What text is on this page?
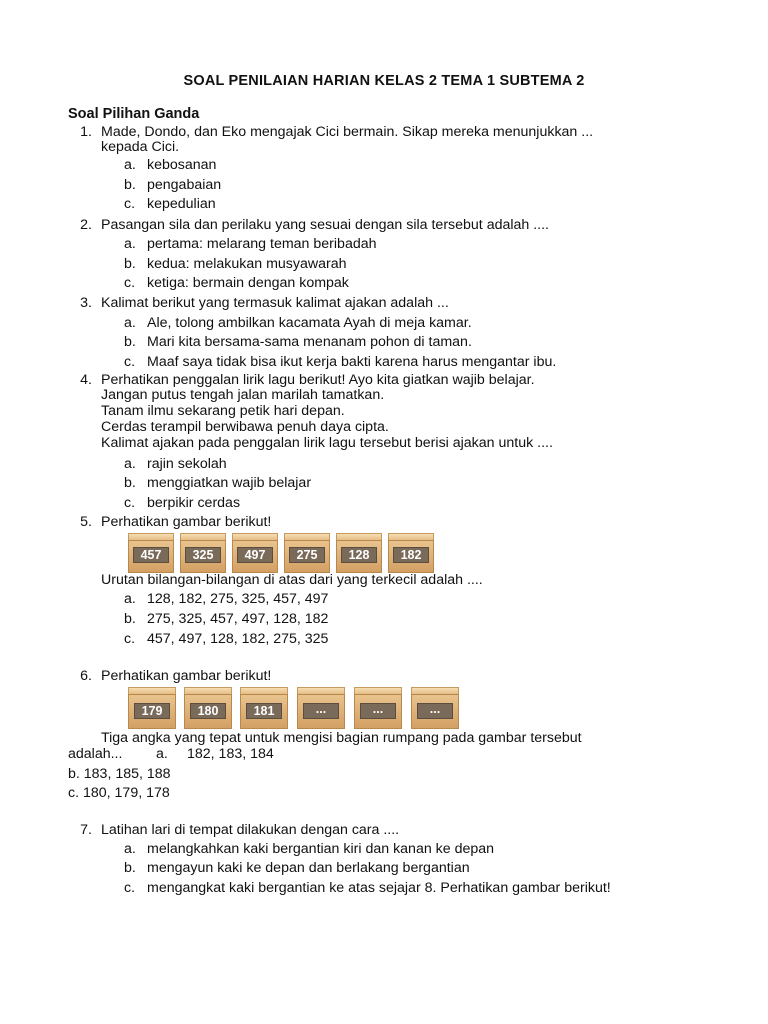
SOAL PENILAIAN HARIAN KELAS 2 TEMA 1 SUBTEMA 2
Soal Pilihan Ganda
1. Made, Dondo, dan Eko mengajak Cici bermain. Sikap mereka menunjukkan ...
kepada Cici.
a. kebosanan
b. pengabaian
c. kepedulian
2. Pasangan sila dan perilaku yang sesuai dengan sila tersebut adalah ....
a. pertama: melarang teman beribadah
b. kedua: melakukan musyawarah
c. ketiga: bermain dengan kompak
3. Kalimat berikut yang termasuk kalimat ajakan adalah ...
a. Ale, tolong ambilkan kacamata Ayah di meja kamar.
b. Mari kita bersama-sama menanam pohon di taman.
c. Maaf saya tidak bisa ikut kerja bakti karena harus mengantar ibu.
4. Perhatikan penggalan lirik lagu berikut! Ayo kita giatkan wajib belajar.
Jangan putus tengah jalan marilah tamatkan.
Tanam ilmu sekarang petik hari depan.
Cerdas terampil berwibawa penuh daya cipta.
Kalimat ajakan pada penggalan lirik lagu tersebut berisi ajakan untuk ....
a. rajin sekolah
b. menggiatkan wajib belajar
c. berpikir cerdas
5. Perhatikan gambar berikut!
457	325	497	275	128	182
Urutan bilangan-bilangan di atas dari yang terkecil adalah ....
a. 128, 182, 275, 325, 457, 497
b. 275, 325, 457, 497, 128, 182
c. 457, 497, 128, 182, 275, 325
6. Perhatikan gambar berikut!
179	180	181	...	...	...
Tiga angka yang tepat untuk mengisi bagian rumpang pada gambar tersebut
adalah... a.	182, 183, 184
b. 183, 185, 188
c. 180, 179, 178
7. Latihan lari di tempat dilakukan dengan cara ....
a. melangkahkan kaki bergantian kiri dan kanan ke depan
b. mengayun kaki ke depan dan berlakang bergantian
c. mengangkat kaki bergantian ke atas sejajar 8. Perhatikan gambar berikut!
